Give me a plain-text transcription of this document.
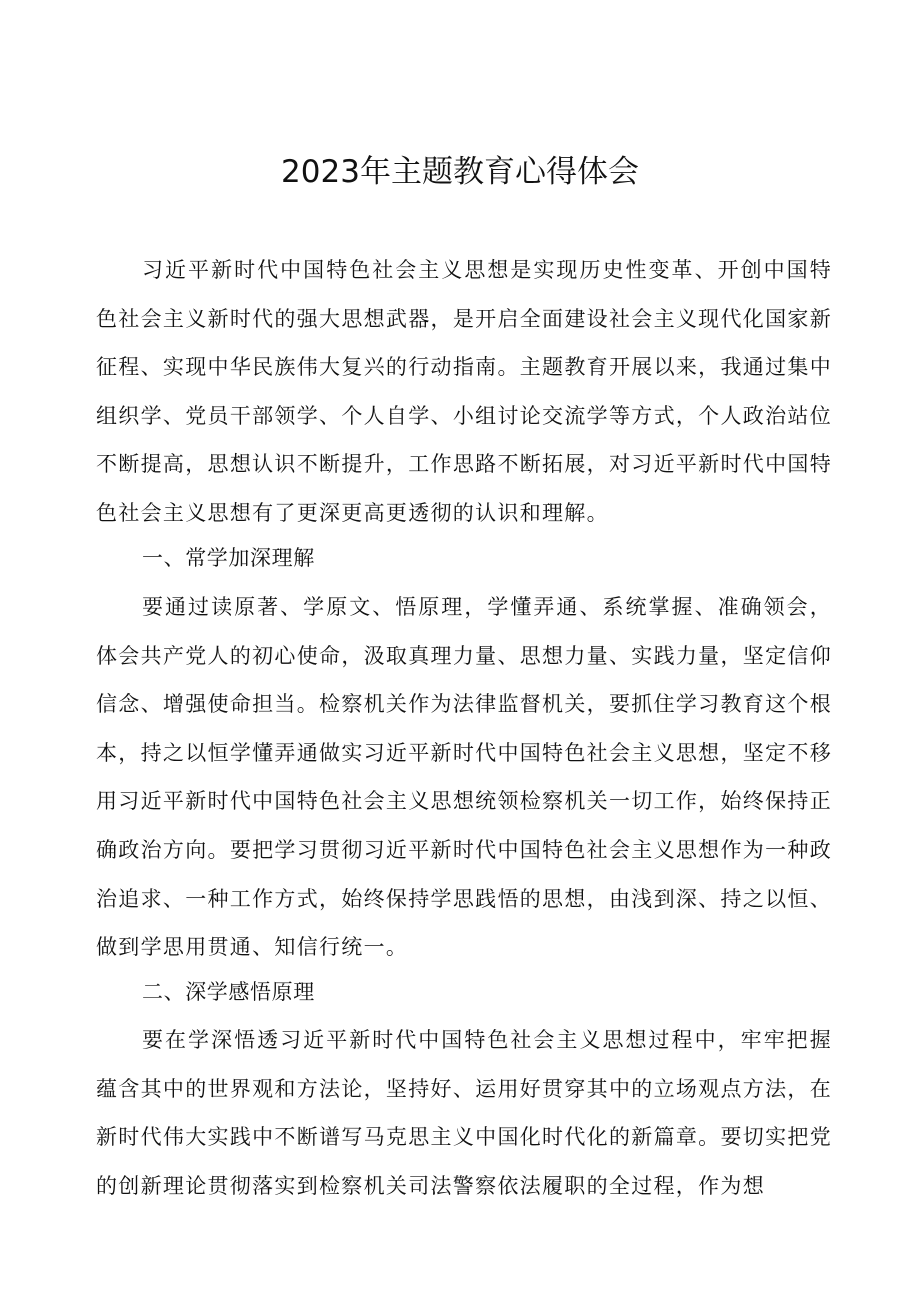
2023年主题教育心得体会

习近平新时代中国特色社会主义思想是实现历史性变革、开创中国特色社会主义新时代的强大思想武器，是开启全面建设社会主义现代化国家新征程、实现中华民族伟大复兴的行动指南。主题教育开展以来，我通过集中组织学、党员干部领学、个人自学、小组讨论交流学等方式，个人政治站位不断提高，思想认识不断提升，工作思路不断拓展，对习近平新时代中国特色社会主义思想有了更深更高更透彻的认识和理解。

一、常学加深理解

要通过读原著、学原文、悟原理，学懂弄通、系统掌握、准确领会，体会共产党人的初心使命，汲取真理力量、思想力量、实践力量，坚定信仰信念、增强使命担当。检察机关作为法律监督机关，要抓住学习教育这个根本，持之以恒学懂弄通做实习近平新时代中国特色社会主义思想，坚定不移用习近平新时代中国特色社会主义思想统领检察机关一切工作，始终保持正确政治方向。要把学习贯彻习近平新时代中国特色社会主义思想作为一种政治追求、一种工作方式，始终保持学思践悟的思想，由浅到深、持之以恒、做到学思用贯通、知信行统一。

二、深学感悟原理

要在学深悟透习近平新时代中国特色社会主义思想过程中，牢牢把握蕴含其中的世界观和方法论，坚持好、运用好贯穿其中的立场观点方法，在新时代伟大实践中不断谱写马克思主义中国化时代化的新篇章。要切实把党的创新理论贯彻落实到检察机关司法警察依法履职的全过程，作为想
